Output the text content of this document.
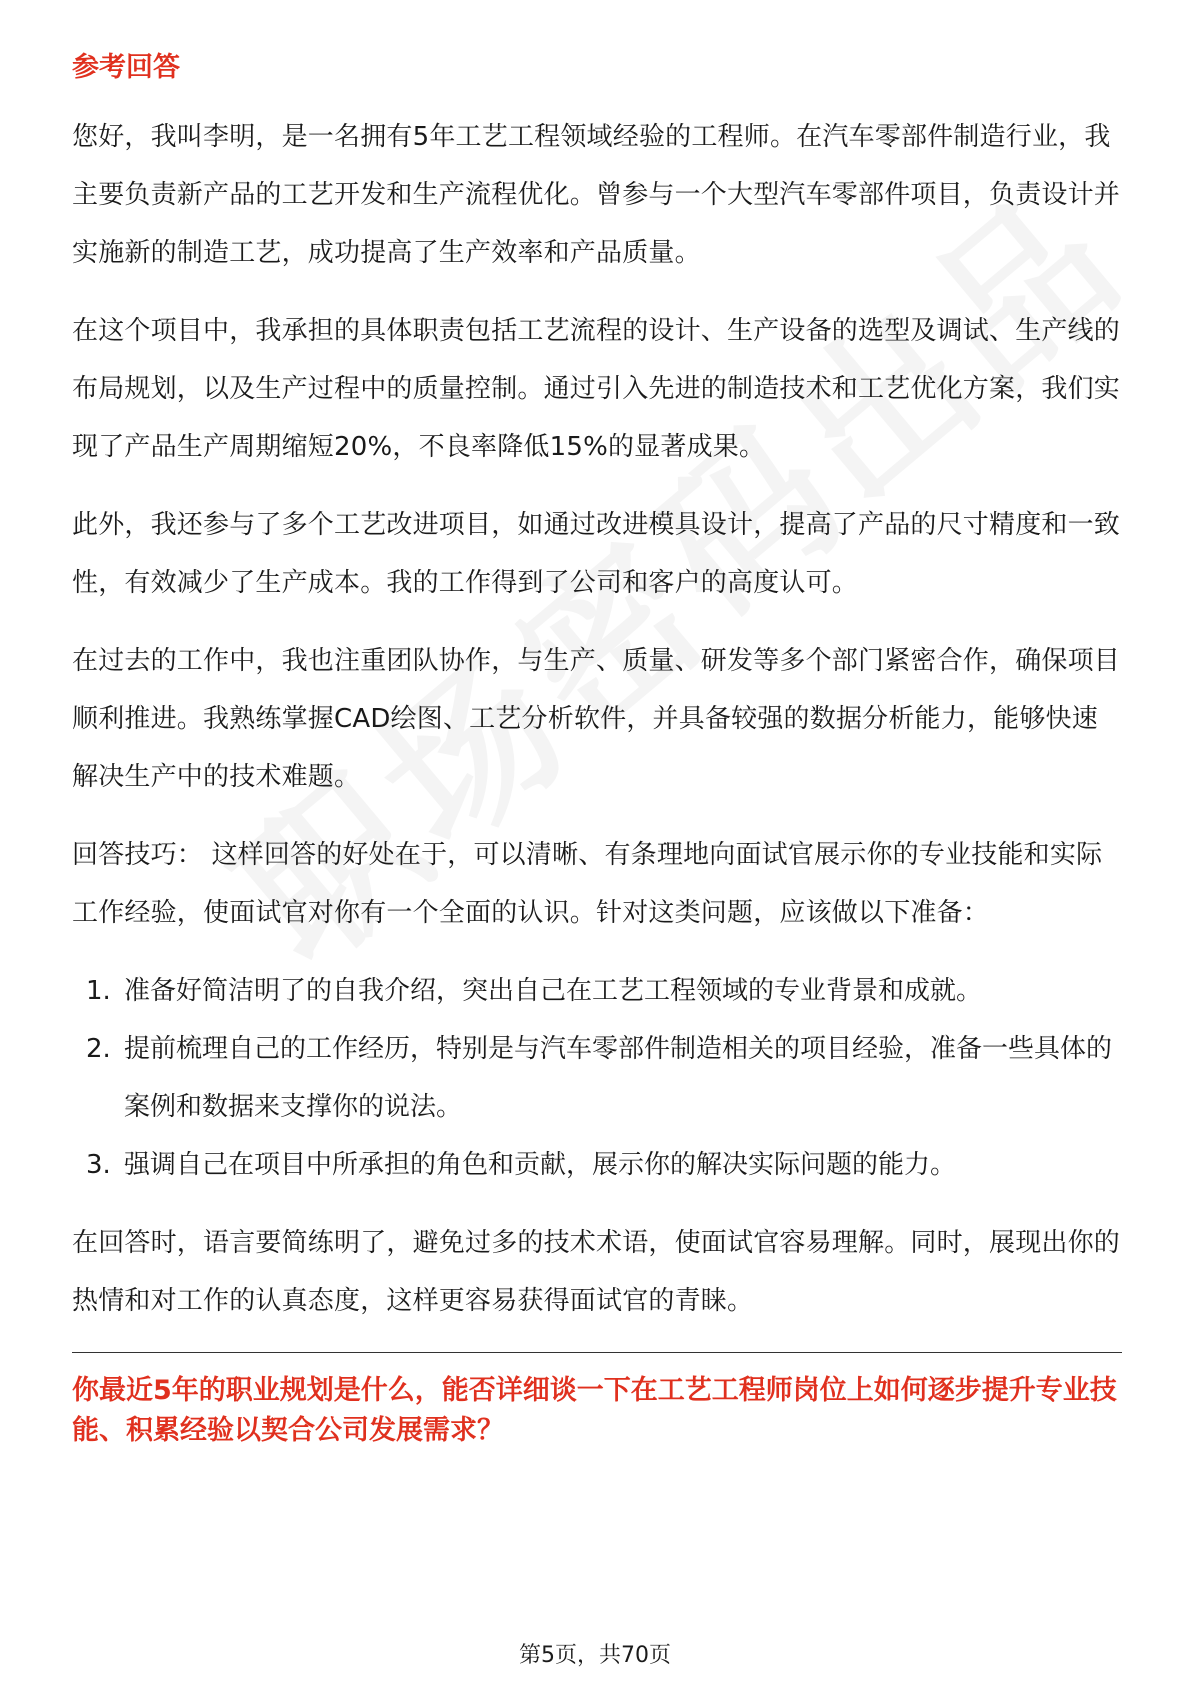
参考回答

您好，我叫李明，是一名拥有5年工艺工程领域经验的工程师。在汽车零部件制造行业，我主要负责新产品的工艺开发和生产流程优化。曾参与一个大型汽车零部件项目，负责设计并实施新的制造工艺，成功提高了生产效率和产品质量。

在这个项目中，我承担的具体职责包括工艺流程的设计、生产设备的选型及调试、生产线的布局规划，以及生产过程中的质量控制。通过引入先进的制造技术和工艺优化方案，我们实现了产品生产周期缩短20%，不良率降低15%的显著成果。

此外，我还参与了多个工艺改进项目，如通过改进模具设计，提高了产品的尺寸精度和一致性，有效减少了生产成本。我的工作得到了公司和客户的高度认可。

在过去的工作中，我也注重团队协作，与生产、质量、研发等多个部门紧密合作，确保项目顺利推进。我熟练掌握CAD绘图、工艺分析软件，并具备较强的数据分析能力，能够快速解决生产中的技术难题。

回答技巧： 这样回答的好处在于，可以清晰、有条理地向面试官展示你的专业技能和实际工作经验，使面试官对你有一个全面的认识。针对这类问题，应该做以下准备：

1. 准备好简洁明了的自我介绍，突出自己在工艺工程领域的专业背景和成就。
2. 提前梳理自己的工作经历，特别是与汽车零部件制造相关的项目经验，准备一些具体的案例和数据来支撑你的说法。
3. 强调自己在项目中所承担的角色和贡献，展示你的解决实际问题的能力。

在回答时，语言要简练明了，避免过多的技术术语，使面试官容易理解。同时，展现出你的热情和对工作的认真态度，这样更容易获得面试官的青睐。

你最近5年的职业规划是什么，能否详细谈一下在工艺工程师岗位上如何逐步提升专业技能、积累经验以契合公司发展需求？
第5页，共70页
